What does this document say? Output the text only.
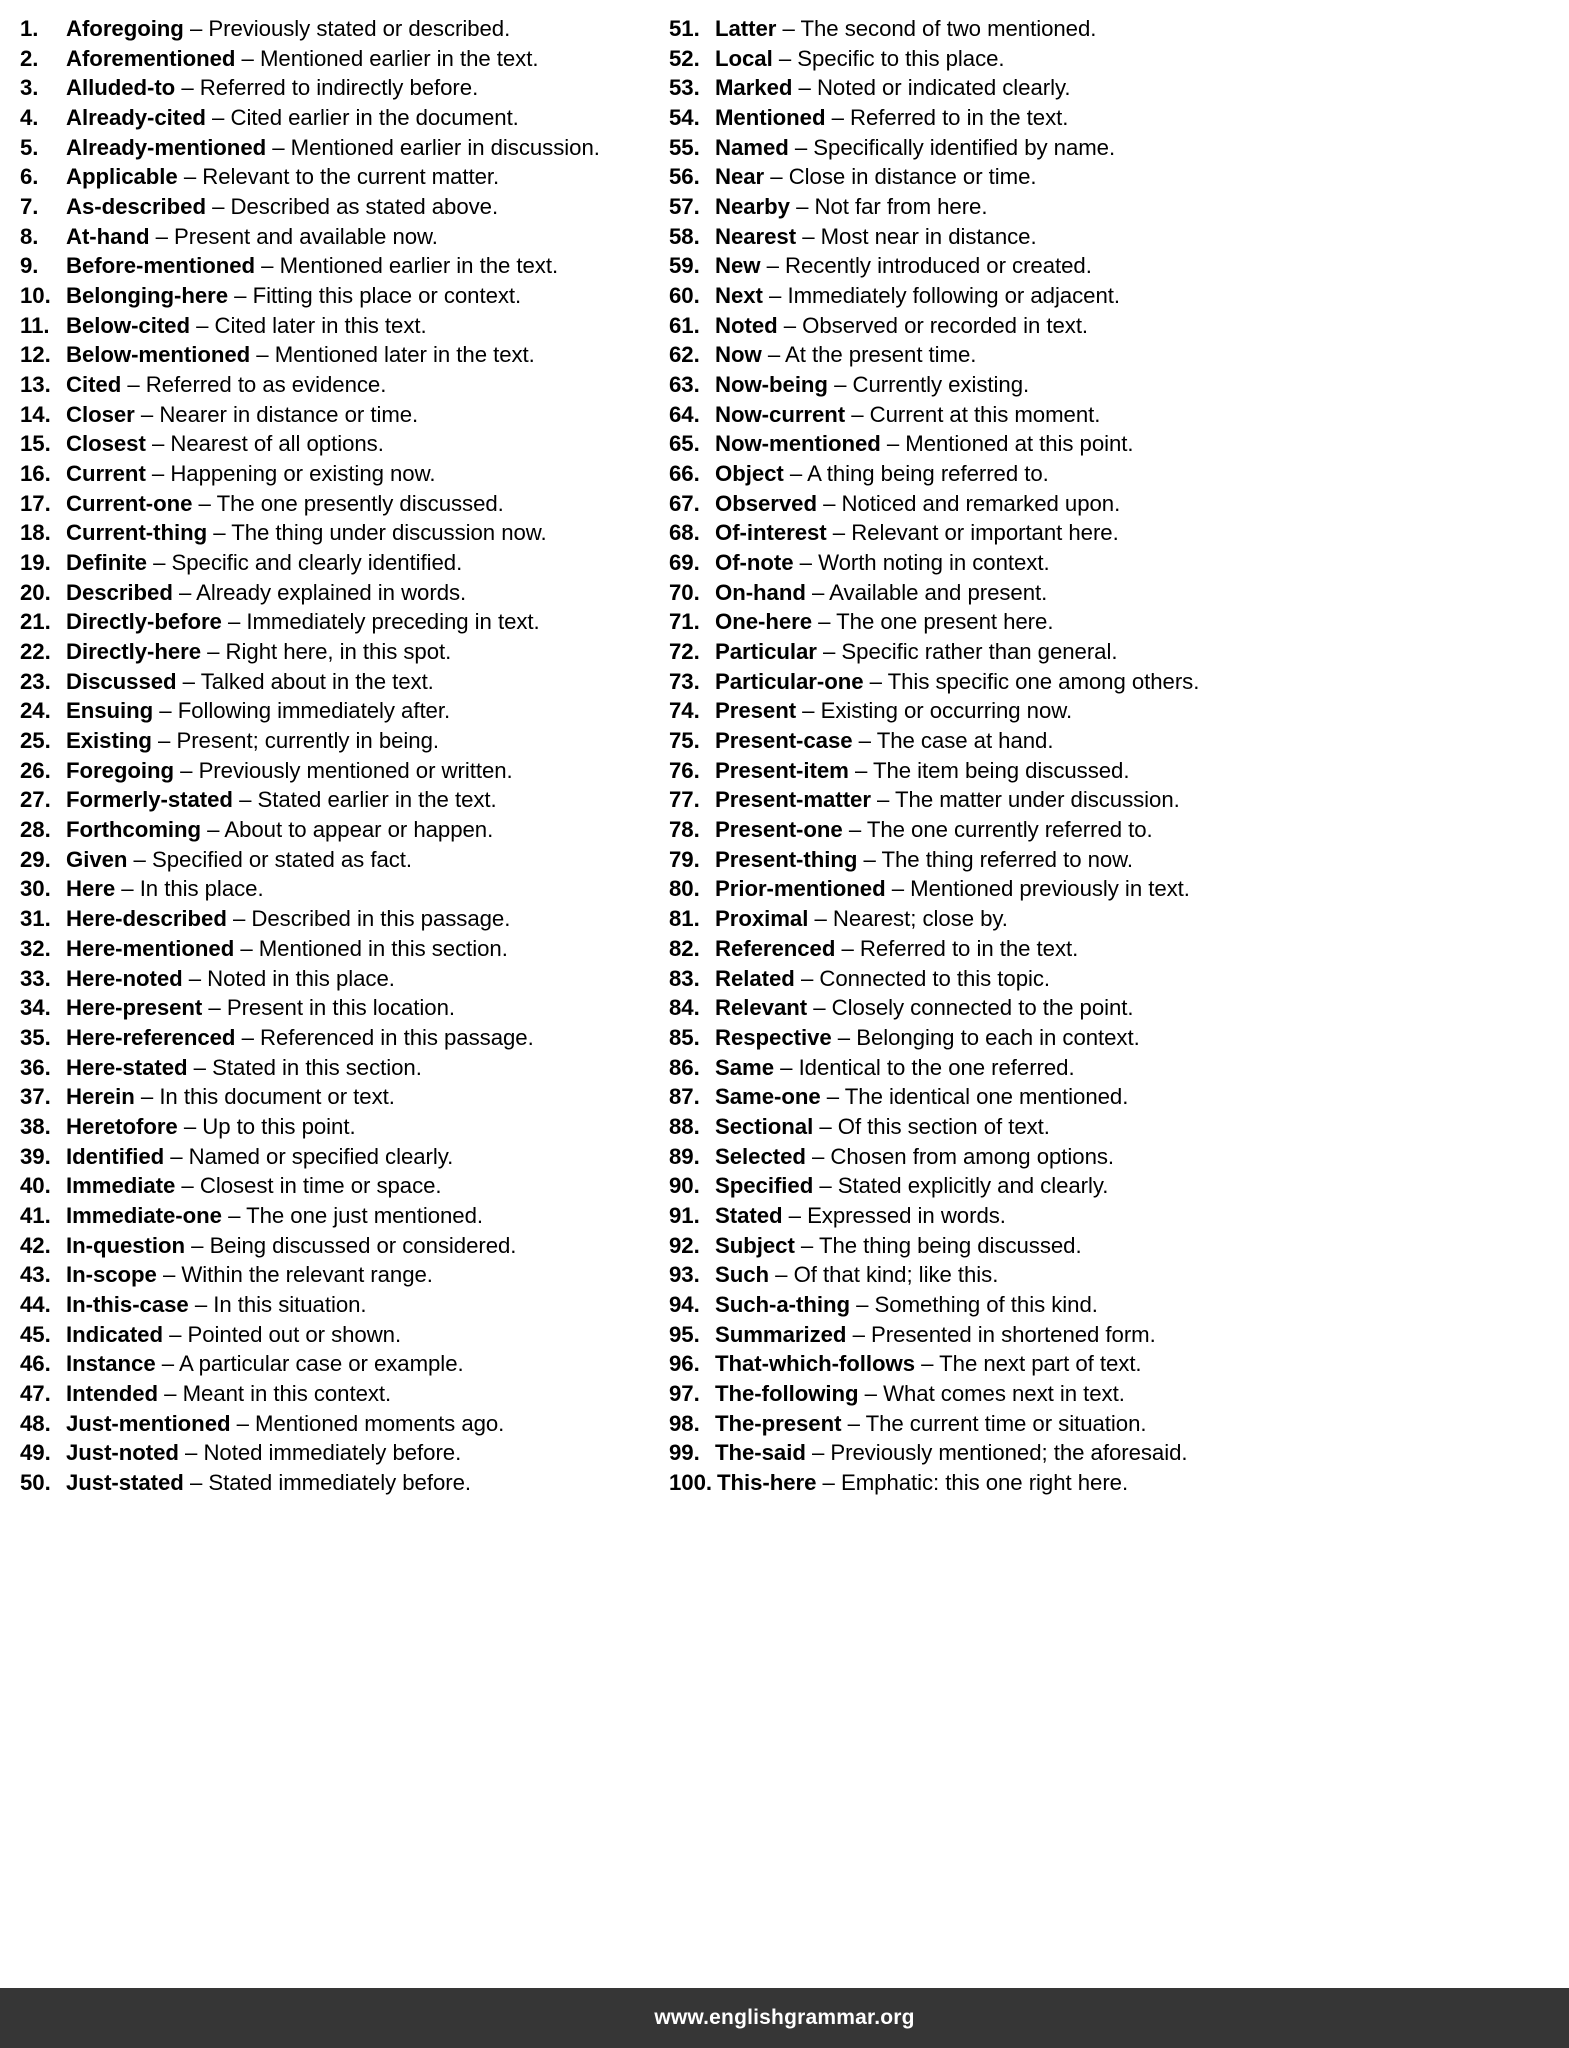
1.	Aforegoing – Previously stated or described.
2.	Aforementioned – Mentioned earlier in the text.
3.	Alluded-to – Referred to indirectly before.
4.	Already-cited – Cited earlier in the document.
5.	Already-mentioned – Mentioned earlier in discussion.
6.	Applicable – Relevant to the current matter.
7.	As-described – Described as stated above.
8.	At-hand – Present and available now.
9.	Before-mentioned – Mentioned earlier in the text.
10. Belonging-here – Fitting this place or context.
11. Below-cited – Cited later in this text.
12. Below-mentioned – Mentioned later in the text.
13. Cited – Referred to as evidence.
14. Closer – Nearer in distance or time.
15. Closest – Nearest of all options.
16. Current – Happening or existing now.
17. Current-one – The one presently discussed.
18. Current-thing – The thing under discussion now.
19. Definite – Specific and clearly identified.
20. Described – Already explained in words.
21. Directly-before – Immediately preceding in text.
22. Directly-here – Right here, in this spot.
23. Discussed – Talked about in the text.
24. Ensuing – Following immediately after.
25. Existing – Present; currently in being.
26. Foregoing – Previously mentioned or written.
27. Formerly-stated – Stated earlier in the text.
28. Forthcoming – About to appear or happen.
29. Given – Specified or stated as fact.
30. Here – In this place.
31. Here-described – Described in this passage.
32. Here-mentioned – Mentioned in this section.
33. Here-noted – Noted in this place.
34. Here-present – Present in this location.
35. Here-referenced – Referenced in this passage.
36. Here-stated – Stated in this section.
37. Herein – In this document or text.
38. Heretofore – Up to this point.
39. Identified – Named or specified clearly.
40. Immediate – Closest in time or space.
41. Immediate-one – The one just mentioned.
42. In-question – Being discussed or considered.
43. In-scope – Within the relevant range.
44. In-this-case – In this situation.
45. Indicated – Pointed out or shown.
46. Instance – A particular case or example.
47. Intended – Meant in this context.
48. Just-mentioned – Mentioned moments ago.
49. Just-noted – Noted immediately before.
50. Just-stated – Stated immediately before.
51. Latter – The second of two mentioned.
52. Local – Specific to this place.
53. Marked – Noted or indicated clearly.
54. Mentioned – Referred to in the text.
55. Named – Specifically identified by name.
56. Near – Close in distance or time.
57. Nearby – Not far from here.
58. Nearest – Most near in distance.
59. New – Recently introduced or created.
60. Next – Immediately following or adjacent.
61. Noted – Observed or recorded in text.
62. Now – At the present time.
63. Now-being – Currently existing.
64. Now-current – Current at this moment.
65. Now-mentioned – Mentioned at this point.
66. Object – A thing being referred to.
67. Observed – Noticed and remarked upon.
68. Of-interest – Relevant or important here.
69. Of-note – Worth noting in context.
70. On-hand – Available and present.
71. One-here – The one present here.
72. Particular – Specific rather than general.
73. Particular-one – This specific one among others.
74. Present – Existing or occurring now.
75. Present-case – The case at hand.
76. Present-item – The item being discussed.
77. Present-matter – The matter under discussion.
78. Present-one – The one currently referred to.
79. Present-thing – The thing referred to now.
80. Prior-mentioned – Mentioned previously in text.
81. Proximal – Nearest; close by.
82. Referenced – Referred to in the text.
83. Related – Connected to this topic.
84. Relevant – Closely connected to the point.
85. Respective – Belonging to each in context.
86. Same – Identical to the one referred.
87. Same-one – The identical one mentioned.
88. Sectional – Of this section of text.
89. Selected – Chosen from among options.
90. Specified – Stated explicitly and clearly.
91. Stated – Expressed in words.
92. Subject – The thing being discussed.
93. Such – Of that kind; like this.
94. Such-a-thing – Something of this kind.
95. Summarized – Presented in shortened form.
96. That-which-follows – The next part of text.
97. The-following – What comes next in text.
98. The-present – The current time or situation.
99. The-said – Previously mentioned; the aforesaid.
100. This-here – Emphatic: this one right here.
www.englishgrammar.org
